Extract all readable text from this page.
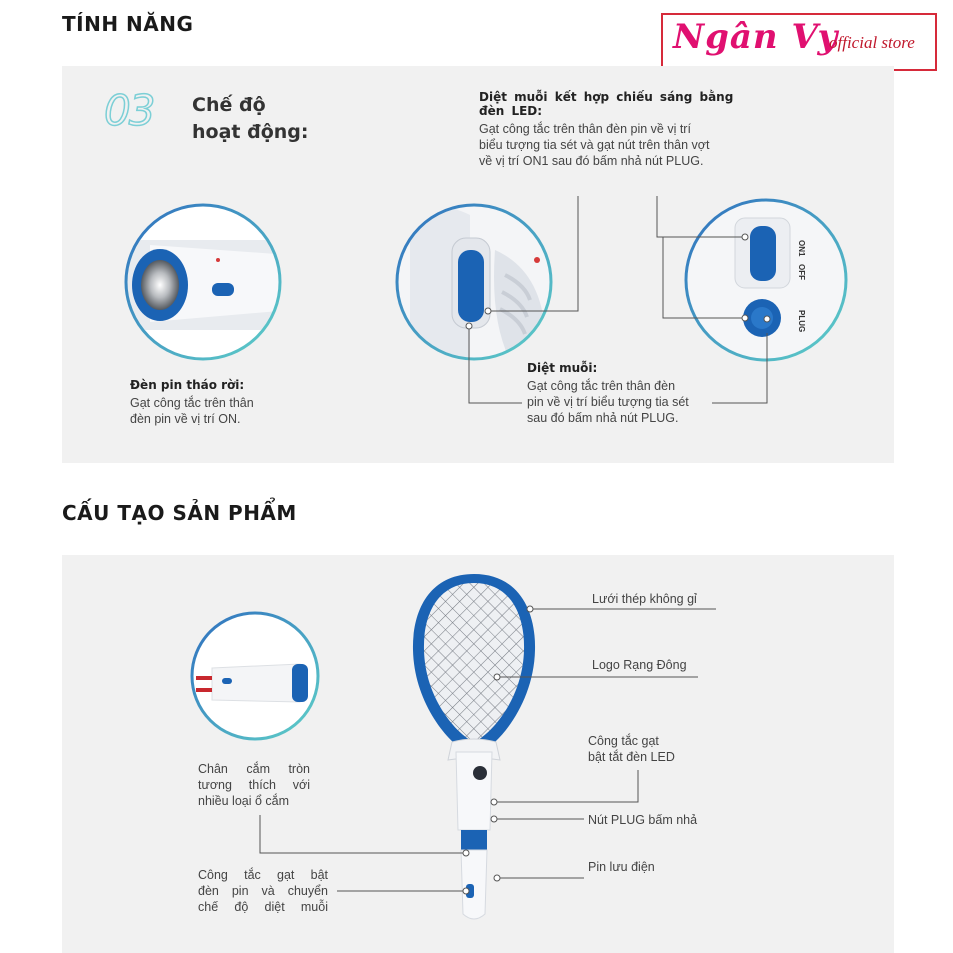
Ngân Vy
official store
TÍNH NĂNG
03 Chế độ
hoạt động:
Diệt muỗi kết hợp chiếu sáng bằng đèn LED:
Gạt công tắc trên thân đèn pin về vị trí
biểu tượng tia sét và gạt nút trên thân vợt
về vị trí ON1 sau đó bấm nhả nút PLUG.
Đèn pin tháo rời:
Gạt công tắc trên thân
đèn pin về vị trí ON.
Diệt muỗi:
Gạt công tắc trên thân đèn
pin về vị trí biểu tượng tia sét
sau đó bấm nhả nút PLUG.
ON1
OFF
PLUG
CẤU TẠO SẢN PHẨM
Lưới thép không gỉ
Logo Rạng Đông
Công tắc gạt
bật tắt đèn LED
Nút PLUG bấm nhả
Pin lưu điện
Chân cắm tròn
tương thích với
nhiều loại ổ cắm
Công tắc gạt bật
đèn pin và chuyển
chế độ diệt muỗi
